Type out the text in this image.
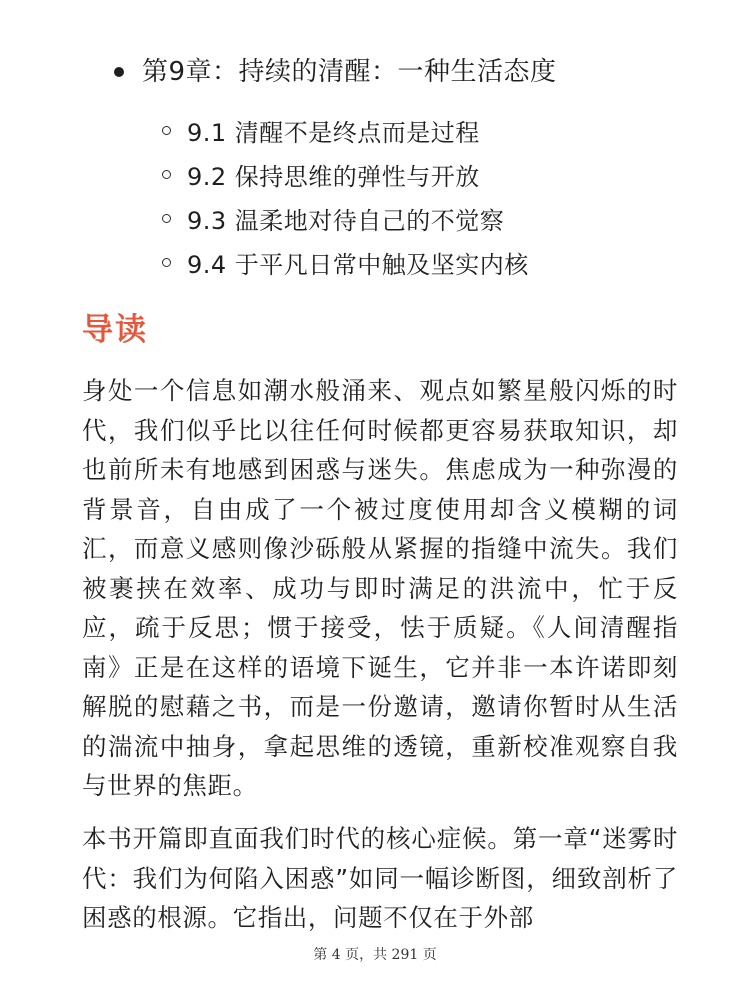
第9章：持续的清醒：一种生活态度
9.1 清醒不是终点而是过程
9.2 保持思维的弹性与开放
9.3 温柔地对待自己的不觉察
9.4 于平凡日常中触及坚实内核
导读

身处一个信息如潮水般涌来、观点如繁星般闪烁的时代，我们似乎比以往任何时候都更容易获取知识，却也前所未有地感到困惑与迷失。焦虑成为一种弥漫的背景音，自由成了一个被过度使用却含义模糊的词汇，而意义感则像沙砾般从紧握的指缝中流失。我们被裹挟在效率、成功与即时满足的洪流中，忙于反应，疏于反思；惯于接受，怯于质疑。《人间清醒指南》正是在这样的语境下诞生，它并非一本许诺即刻解脱的慰藉之书，而是一份邀请，邀请你暂时从生活的湍流中抽身，拿起思维的透镜，重新校准观察自我与世界的焦距。

本书开篇即直面我们时代的核心症候。第一章“迷雾时代：我们为何陷入困惑”如同一幅诊断图，细致剖析了困惑的根源。它指出，问题不仅在于外部

第 4 页，共 291 页
